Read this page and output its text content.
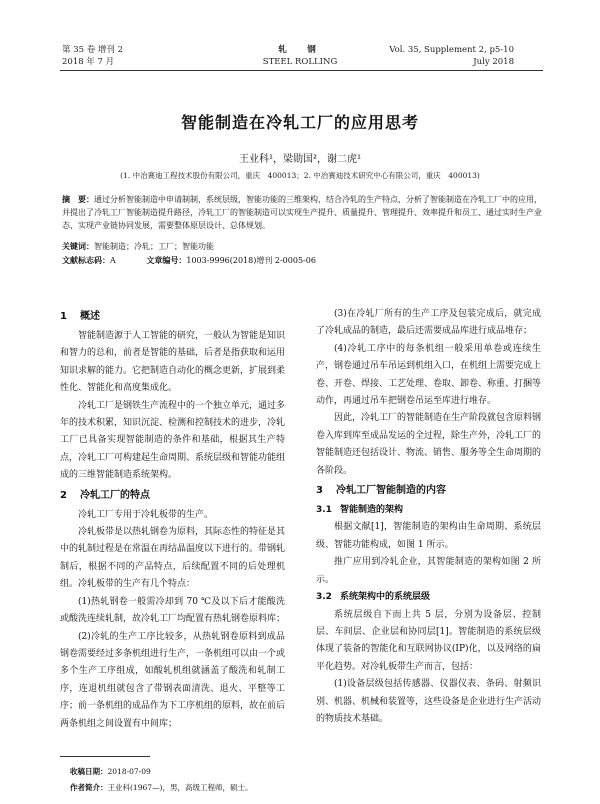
第 35 卷 增刊 2
2018 年 7 月
轧　钢
STEEL ROLLING
Vol. 35, Supplement 2, p5-10
July 2018
智能制造在冷轧工厂的应用思考
王业科¹，梁勋国²，谢二虎¹
(1. 中冶赛迪工程技术股份有限公司，重庆　400013；2. 中冶赛迪技术研究中心有限公司，重庆　400013)
摘　要：通过分析智能制造中申请制制，系统层级，智能功能的三维架构，结合冷轧的生产特点，分析了智能制造在冷轧工厂中的应用，并提出了冷轧工厂智能制造提升路径，冷轧工厂的智能制造可以实现生产提升、质量提升、管理提升、效率提升和员工、通过实时生产业态，实现产业链协同发展，需要整体原层设计、总体规划。
关键词：智能制造；冷轧；工厂；智能功能
文献标志码：A	文章编号：1003-9996(2018)增刊 2-0005-06
1 概述

智能制造源于人工智能的研究，一般认为智能是知识和智力的总和，前者是智能的基础，后者是指获取和运用知识求解的能力。它把制造自动化的概念更新，扩展到柔性化、智能化和高度集成化。

冷轧工厂是钢铁生产流程中的一个独立单元，通过多年的技术积累，知识沉淀、检测和控制技术的进步，冷轧工厂已具备实现智能制造的条件和基础，根据其生产特点，冷轧工厂可构建起生命周期、系统层级和智能功能组成的三维智能制造系统架构。

2 冷轧工厂的特点

冷轧工厂专用于冷轧板带的生产。

冷轧板带是以热轧钢卷为原料，其际态性的特征是其中的轧制过程是在常温在再结晶温度以下进行的。带钢轧制后，根据不同的产品特点，后续配置不同的后处理机组。冷轧板带的生产有几个特点：

(1)热轧钢卷一般需冷却到 70 ℃及以下后才能酸洗或酸洗连续轧制，故冷轧工厂均配置有热轧钢卷原料库；

(2)冷轧的生产工序比较多，从热轧钢卷原料到成品钢卷需要经过多条机组进行生产，一条机组可以由一个或多个生产工序组成，如酸轧机组就涵盖了酸洗和轧制工序，连退机组就包含了带钢表面清洗、退火、平整等工序；前一条机组的成品作为下工序机组的原料，故在前后两条机组之间设置有中间库；

(3)在冷轧厂所有的生产工序及包装完成后，就完成了冷轧成品的制造，最后还需要成品库进行成品堆存；

(4)冷轧工序中的每条机组一般采用单卷或连续生产，钢卷通过吊车吊运到机组入口，在机组上需要完成上卷、开卷、焊接、工艺处理、卷取、卸卷、称重、打捆等动作，再通过吊车把钢卷吊运至库进行堆存。

因此，冷轧工厂的智能制造在生产阶段就包含原料钢卷入库到库至成品发运的全过程，除生产外，冷轧工厂的智能制造还包括设计、物流、销售、服务等全生命周期的各阶段。

3 冷轧工厂智能制造的内容
3.1 智能制造的架构

根据文献[1]，智能制造的架构由生命周期、系统层级、智能功能构成，如图 1 所示。

推广应用到冷轧企业，其智能制造的架构如图 2 所示。

3.2 系统架构中的系统层级

系统层级自下而上共 5 层，分别为设备层、控制层、车间层、企业层和协同层[1]。智能制造的系统层级体现了装备的智能化和互联网协议(IP)化，以及网络的扁平化趋势。对冷轧板带生产而言，包括：

(1)设备层级包括传感器、仪器仪表、条码、射频识别、机器、机械和装置等，这些设备是企业进行生产活动的物质技术基础。

收稿日期：2018-07-09
作者简介：王业科(1967—)，男，高级工程师，硕士。
